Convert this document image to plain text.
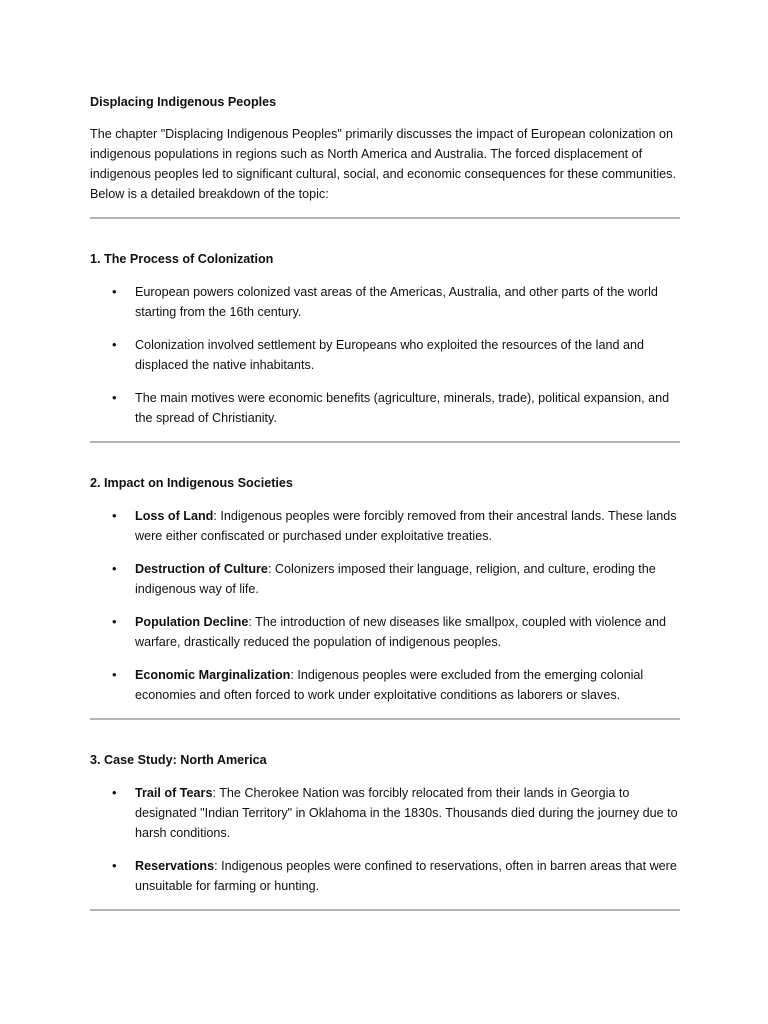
Displacing Indigenous Peoples

The chapter "Displacing Indigenous Peoples" primarily discusses the impact of European colonization on indigenous populations in regions such as North America and Australia. The forced displacement of indigenous peoples led to significant cultural, social, and economic consequences for these communities. Below is a detailed breakdown of the topic:

1. The Process of Colonization
• European powers colonized vast areas of the Americas, Australia, and other parts of the world starting from the 16th century.
• Colonization involved settlement by Europeans who exploited the resources of the land and displaced the native inhabitants.
• The main motives were economic benefits (agriculture, minerals, trade), political expansion, and the spread of Christianity.
2. Impact on Indigenous Societies
• Loss of Land: Indigenous peoples were forcibly removed from their ancestral lands. These lands were either confiscated or purchased under exploitative treaties.
• Destruction of Culture: Colonizers imposed their language, religion, and culture, eroding the indigenous way of life.
• Population Decline: The introduction of new diseases like smallpox, coupled with violence and warfare, drastically reduced the population of indigenous peoples.
• Economic Marginalization: Indigenous peoples were excluded from the emerging colonial economies and often forced to work under exploitative conditions as laborers or slaves.
3. Case Study: North America
• Trail of Tears: The Cherokee Nation was forcibly relocated from their lands in Georgia to designated "Indian Territory" in Oklahoma in the 1830s. Thousands died during the journey due to harsh conditions.
• Reservations: Indigenous peoples were confined to reservations, often in barren areas that were unsuitable for farming or hunting.
